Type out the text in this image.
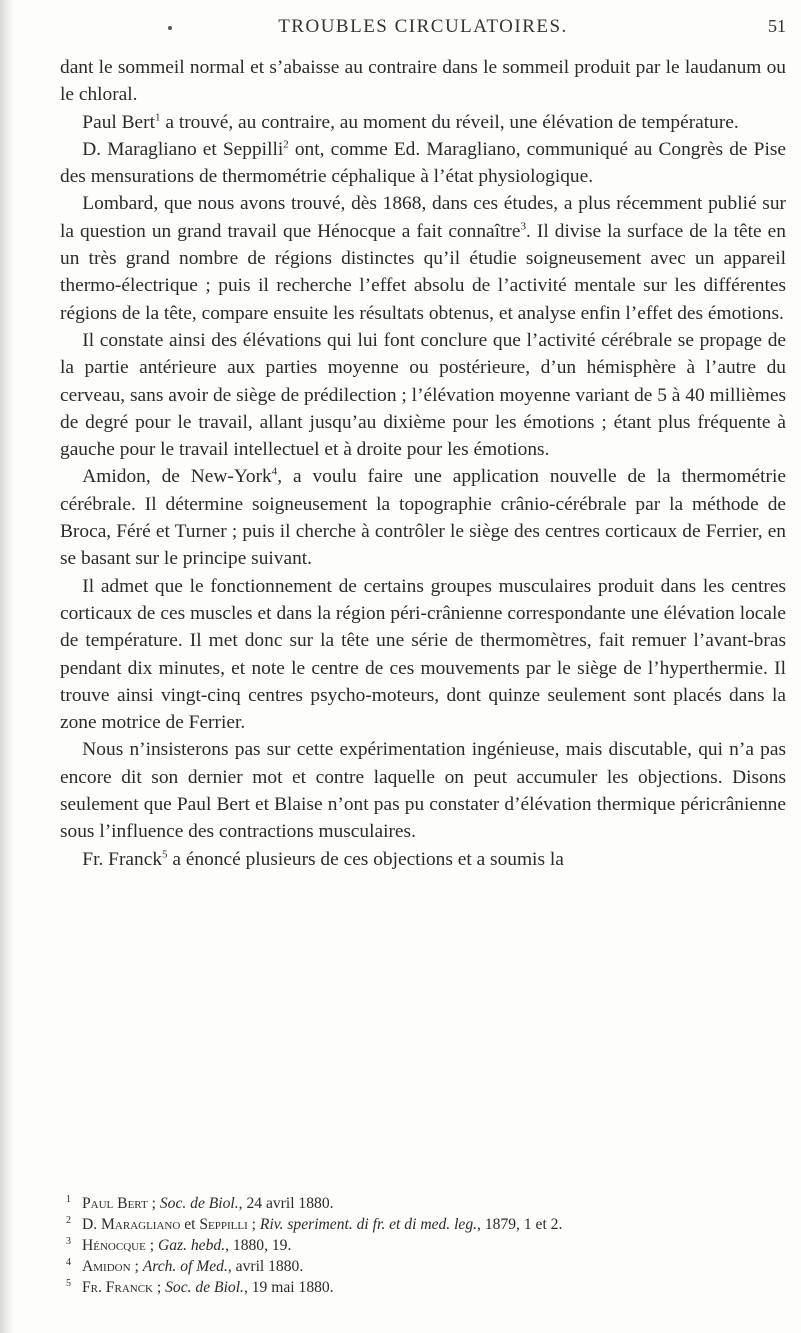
TROUBLES CIRCULATOIRES.	51

dant le sommeil normal et s’abaisse au contraire dans le sommeil produit par le laudanum ou le chloral.

Paul Bert$^1$ a trouvé, au contraire, au moment du réveil, une élévation de température.

D. Maragliano et Seppilli$^2$ ont, comme Ed. Maragliano, communiqué au Congrès de Pise des mensurations de thermométrie céphalique à l’état physiologique.

Lombard, que nous avons trouvé, dès 1868, dans ces études, a plus récemment publié sur la question un grand travail que Hénocque a fait connaître$^3$. Il divise la surface de la tête en un très grand nombre de régions distinctes qu’il étudie soigneusement avec un appareil thermo-électrique ; puis il recherche l’effet absolu de l’activité mentale sur les différentes régions de la tête, compare ensuite les résultats obtenus, et analyse enfin l’effet des émotions.

Il constate ainsi des élévations qui lui font conclure que l’activité cérébrale se propage de la partie antérieure aux parties moyenne ou postérieure, d’un hémisphère à l’autre du cerveau, sans avoir de siège de prédilection ; l’élévation moyenne variant de 5 à 40 millièmes de degré pour le travail, allant jusqu’au dixième pour les émotions ; étant plus fréquente à gauche pour le travail intellectuel et à droite pour les émotions.

Amidon, de New-York$^4$, a voulu faire une application nouvelle de la thermométrie cérébrale. Il détermine soigneusement la topographie crânio-cérébrale par la méthode de Broca, Féré et Turner ; puis il cherche à contrôler le siège des centres corticaux de Ferrier, en se basant sur le principe suivant.

Il admet que le fonctionnement de certains groupes musculaires produit dans les centres corticaux de ces muscles et dans la région péri-crânienne correspondante une élévation locale de température. Il met donc sur la tête une série de thermomètres, fait remuer l’avant-bras pendant dix minutes, et note le centre de ces mouvements par le siège de l’hyperthermie. Il trouve ainsi vingt-cinq centres psycho-moteurs, dont quinze seulement sont placés dans la zone motrice de Ferrier.

Nous n’insisterons pas sur cette expérimentation ingénieuse, mais discutable, qui n’a pas encore dit son dernier mot et contre laquelle on peut accumuler les objections. Disons seulement que Paul Bert et Blaise n’ont pas pu constater d’élévation thermique péricrânienne sous l’influence des contractions musculaires.

Fr. Franck$^5$ a énoncé plusieurs de ces objections et a soumis la

1 Paul Bert ; Soc. de Biol., 24 avril 1880.

2 D. Maragliano et Seppilli ; Riv. speriment. di fr. et di med. leg., 1879, 1 et 2.

3 Hénocque ; Gaz. hebd., 1880, 19.

4 Amidon ; Arch. of Med., avril 1880.

5 Fr. Franck ; Soc. de Biol., 19 mai 1880.
